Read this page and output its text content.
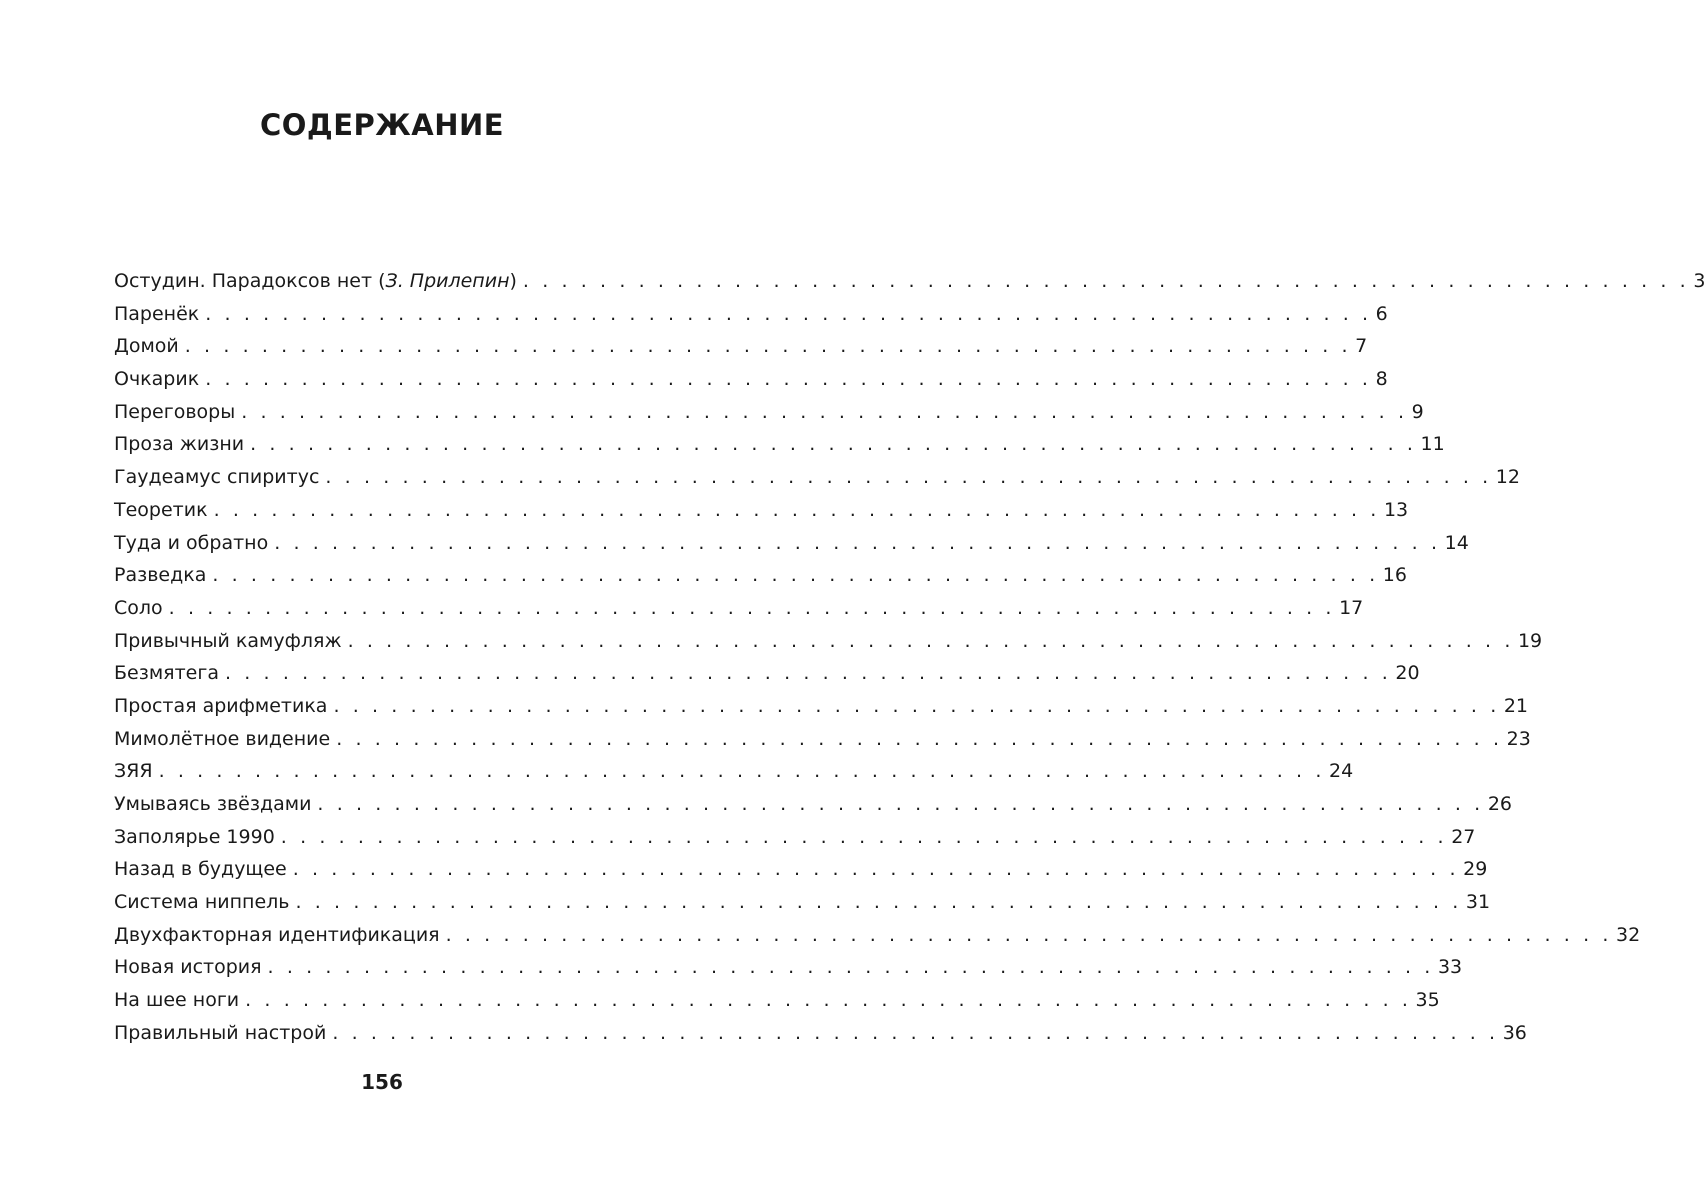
СОДЕРЖАНИЕ
Остудин. Парадоксов нет (З. Прилепин) . . . . . . . . . . . . . . . . . . . . . . . . . . . . . . . . . . . . . . . . . . . . . . . . . . . . . . . . . . . . . 3
Паренёк . . . . . . . . . . . . . . . . . . . . . . . . . . . . . . . . . . . . . . . . . . . . . . . . . . . . . . . . . . . . . 6
Домой . . . . . . . . . . . . . . . . . . . . . . . . . . . . . . . . . . . . . . . . . . . . . . . . . . . . . . . . . . . . . 7
Очкарик . . . . . . . . . . . . . . . . . . . . . . . . . . . . . . . . . . . . . . . . . . . . . . . . . . . . . . . . . . . . . 8
Переговоры . . . . . . . . . . . . . . . . . . . . . . . . . . . . . . . . . . . . . . . . . . . . . . . . . . . . . . . . . . . . . 9
Проза жизни . . . . . . . . . . . . . . . . . . . . . . . . . . . . . . . . . . . . . . . . . . . . . . . . . . . . . . . . . . . . . 11
Гаудеамус спиритус . . . . . . . . . . . . . . . . . . . . . . . . . . . . . . . . . . . . . . . . . . . . . . . . . . . . . . . . . . . . . 12
Теоретик . . . . . . . . . . . . . . . . . . . . . . . . . . . . . . . . . . . . . . . . . . . . . . . . . . . . . . . . . . . . . 13
Туда и обратно . . . . . . . . . . . . . . . . . . . . . . . . . . . . . . . . . . . . . . . . . . . . . . . . . . . . . . . . . . . . . 14
Разведка . . . . . . . . . . . . . . . . . . . . . . . . . . . . . . . . . . . . . . . . . . . . . . . . . . . . . . . . . . . . . 16
Соло . . . . . . . . . . . . . . . . . . . . . . . . . . . . . . . . . . . . . . . . . . . . . . . . . . . . . . . . . . . . . 17
Привычный камуфляж . . . . . . . . . . . . . . . . . . . . . . . . . . . . . . . . . . . . . . . . . . . . . . . . . . . . . . . . . . . . . 19
Безмятега . . . . . . . . . . . . . . . . . . . . . . . . . . . . . . . . . . . . . . . . . . . . . . . . . . . . . . . . . . . . . 20
Простая арифметика . . . . . . . . . . . . . . . . . . . . . . . . . . . . . . . . . . . . . . . . . . . . . . . . . . . . . . . . . . . . . 21
Мимолётное видение . . . . . . . . . . . . . . . . . . . . . . . . . . . . . . . . . . . . . . . . . . . . . . . . . . . . . . . . . . . . . 23
ЗЯЯ . . . . . . . . . . . . . . . . . . . . . . . . . . . . . . . . . . . . . . . . . . . . . . . . . . . . . . . . . . . . . 24
Умываясь звёздами . . . . . . . . . . . . . . . . . . . . . . . . . . . . . . . . . . . . . . . . . . . . . . . . . . . . . . . . . . . . . 26
Заполярье 1990 . . . . . . . . . . . . . . . . . . . . . . . . . . . . . . . . . . . . . . . . . . . . . . . . . . . . . . . . . . . . . 27
Назад в будущее . . . . . . . . . . . . . . . . . . . . . . . . . . . . . . . . . . . . . . . . . . . . . . . . . . . . . . . . . . . . . 29
Система ниппель . . . . . . . . . . . . . . . . . . . . . . . . . . . . . . . . . . . . . . . . . . . . . . . . . . . . . . . . . . . . . 31
Двухфакторная идентификация . . . . . . . . . . . . . . . . . . . . . . . . . . . . . . . . . . . . . . . . . . . . . . . . . . . . . . . . . . . . . 32
Новая история . . . . . . . . . . . . . . . . . . . . . . . . . . . . . . . . . . . . . . . . . . . . . . . . . . . . . . . . . . . . . 33
На шее ноги . . . . . . . . . . . . . . . . . . . . . . . . . . . . . . . . . . . . . . . . . . . . . . . . . . . . . . . . . . . . . 35
Правильный настрой . . . . . . . . . . . . . . . . . . . . . . . . . . . . . . . . . . . . . . . . . . . . . . . . . . . . . . . . . . . . . 36
156
